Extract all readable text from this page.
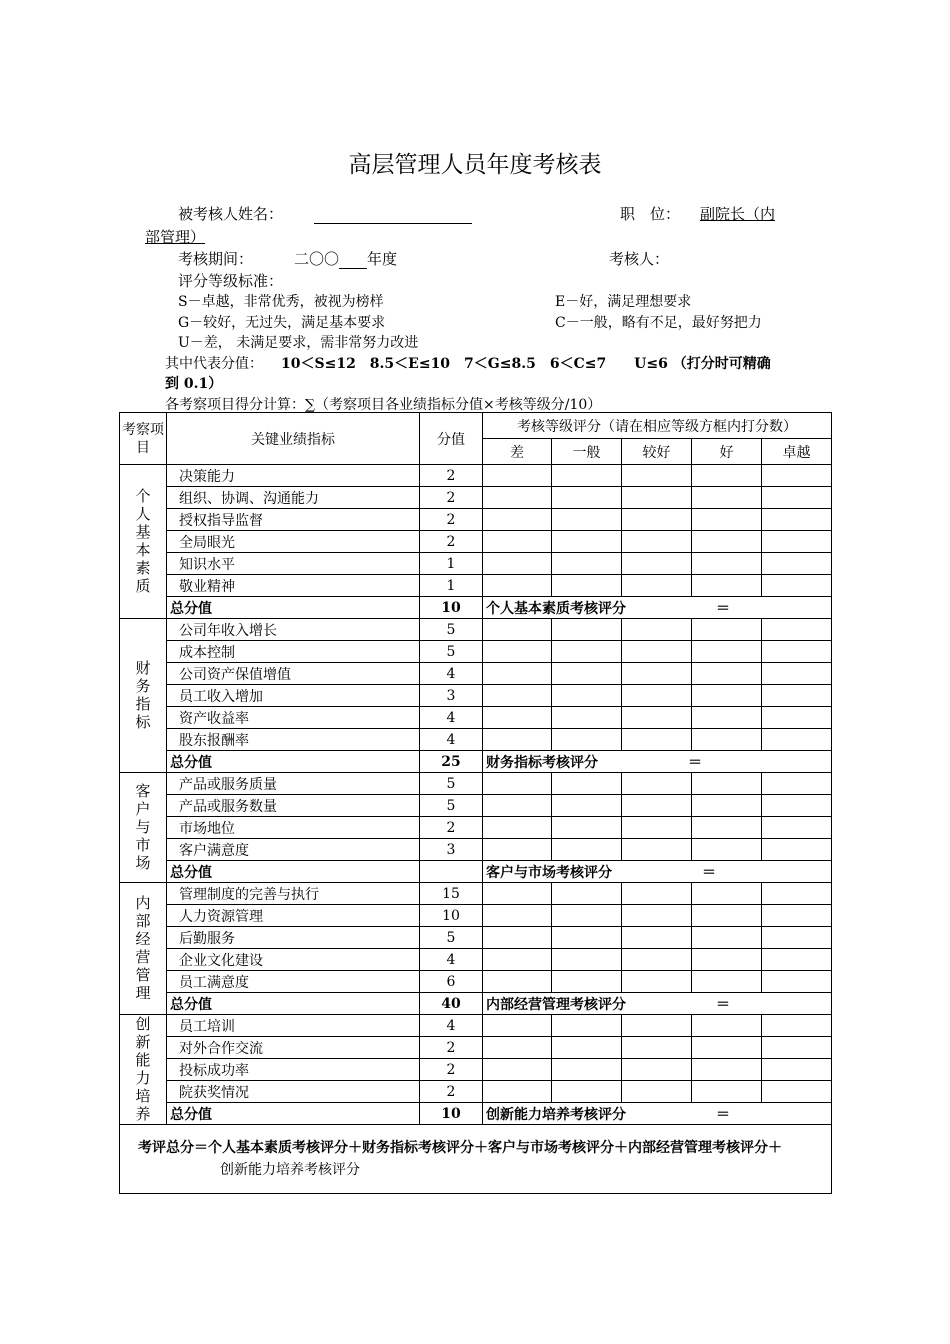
高层管理人员年度考核表
被考核人姓名：	职　位： 副院长（内
部管理）
考核期间：	二〇〇 年度	考核人：
评分等级标准：
S－卓越，非常优秀，被视为榜样	E－好，满足理想要求
G－较好，无过失，满足基本要求	C－一般，略有不足，最好努把力
U－差， 未满足要求，需非常努力改进
其中代表分值： 10＜S≤12　8.5＜E≤10　7＜G≤8.5　6＜C≤7　　U≤6 （打分时可精确
到 0.1）
各考察项目得分计算：∑（考察项目各业绩指标分值×考核等级分/10）
考察项目	关键业绩指标	分值	考核等级评分（请在相应等级方框内打分数）				
			差	一般	较好	好	卓越
个人基本素质	决策能力	2					
	组织、协调、沟通能力	2					
	授权指导监督	2					
	全局眼光	2					
	知识水平	1					
	敬业精神	1					
	总分值	10	个人基本素质考核评分 ＝				
财务指标	公司年收入增长	5					
	成本控制	5					
	公司资产保值增值	4					
	员工收入增加	3					
	资产收益率	4					
	股东报酬率	4					
	总分值	25	财务指标考核评分 ＝				
客户与市场	产品或服务质量	5					
	产品或服务数量	5					
	市场地位	2					
	客户满意度	3					
	总分值		客户与市场考核评分 ＝				
内部经营管理	管理制度的完善与执行	15					
	人力资源管理	10					
	后勤服务	5					
	企业文化建设	4					
	员工满意度	6					
	总分值	40	内部经营管理考核评分 ＝				
创新能力培养	员工培训	4					
	对外合作交流	2					
	投标成功率	2					
	院获奖情况	2					
	总分值	10	创新能力培养考核评分 ＝				

考评总分＝个人基本素质考核评分＋财务指标考核评分＋客户与市场考核评分＋内部经营管理考核评分＋
创新能力培养考核评分							
